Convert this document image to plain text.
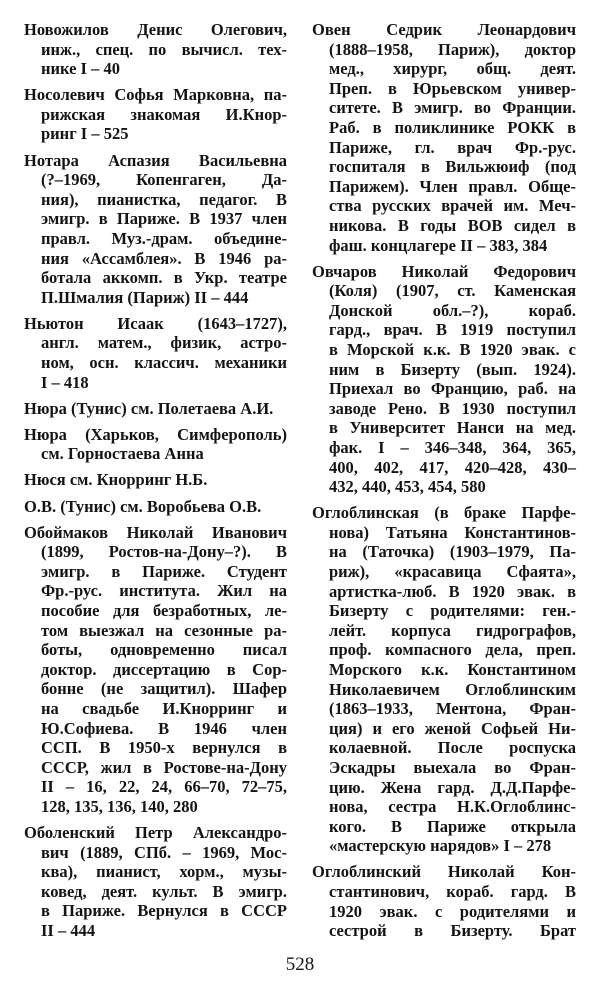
Новожилов Денис Олегович,
инж., спец. по вычисл. тех-
нике I – 40
Носолевич Софья Марковна, па-
рижская знакомая И.Кнор-
ринг I – 525
Нотара Аспазия Васильевна
(?–1969, Копенгаген, Да-
ния), пианистка, педагог. В
эмигр. в Париже. В 1937 член
правл. Муз.-драм. объедине-
ния «Ассамблея». В 1946 ра-
ботала аккомп. в Укр. театре
П.Шмалия (Париж) II – 444
Ньютон Исаак (1643–1727),
англ. матем., физик, астро-
ном, осн. классич. механики
I – 418
Нюра (Тунис) см. Полетаева А.И.
Нюра (Харьков, Симферополь)
см. Горностаева Анна
Нюся см. Кнорринг Н.Б.
О.В. (Тунис) см. Воробьева О.В.
Обоймаков Николай Иванович
(1899, Ростов-на-Дону–?). В
эмигр. в Париже. Студент
Фр.-рус. института. Жил на
пособие для безработных, ле-
том выезжал на сезонные ра-
боты, одновременно писал
доктор. диссертацию в Сор-
бонне (не защитил). Шафер
на свадьбе И.Кнорринг и
Ю.Софиева. В 1946 член
ССП. В 1950-х вернулся в
СССР, жил в Ростове-на-Дону
II – 16, 22, 24, 66–70, 72–75,
128, 135, 136, 140, 280
Оболенский Петр Александро-
вич (1889, СПб. – 1969, Мос-
ква), пианист, хорм., музы-
ковед, деят. культ. В эмигр.
в Париже. Вернулся в СССР
II – 444
Овен Седрик Леонардович
(1888–1958, Париж), доктор
мед., хирург, общ. деят.
Преп. в Юрьевском универ-
ситете. В эмигр. во Франции.
Раб. в поликлинике РОКК в
Париже, гл. врач Фр.-рус.
госпиталя в Вильжюиф (под
Парижем). Член правл. Обще-
ства русских врачей им. Меч-
никова. В годы ВОВ сидел в
фаш. концлагере II – 383, 384
Овчаров Николай Федорович
(Коля) (1907, ст. Каменская
Донской обл.–?), кораб.
гард., врач. В 1919 поступил
в Морской к.к. В 1920 эвак. с
ним в Бизерту (вып. 1924).
Приехал во Францию, раб. на
заводе Рено. В 1930 поступил
в Университет Нанси на мед.
фак. I – 346–348, 364, 365,
400, 402, 417, 420–428, 430–
432, 440, 453, 454, 580
Оглоблинская (в браке Парфе-
нова) Татьяна Константинов-
на (Таточка) (1903–1979, Па-
риж), «красавица Сфаята»,
артистка-люб. В 1920 эвак. в
Бизерту с родителями: ген.-
лейт. корпуса гидрографов,
проф. компасного дела, преп.
Морского к.к. Константином
Николаевичем Оглоблинским
(1863–1933, Ментона, Фран-
ция) и его женой Софьей Ни-
колаевной. После роспуска
Эскадры выехала во Фран-
цию. Жена гард. Д.Д.Парфе-
нова, сестра Н.К.Оглоблинс-
кого. В Париже открыла
«мастерскую нарядов» I – 278
Оглоблинский Николай Кон-
стантинович, кораб. гард. В
1920 эвак. с родителями и
сестрой в Бизерту. Брат
528
